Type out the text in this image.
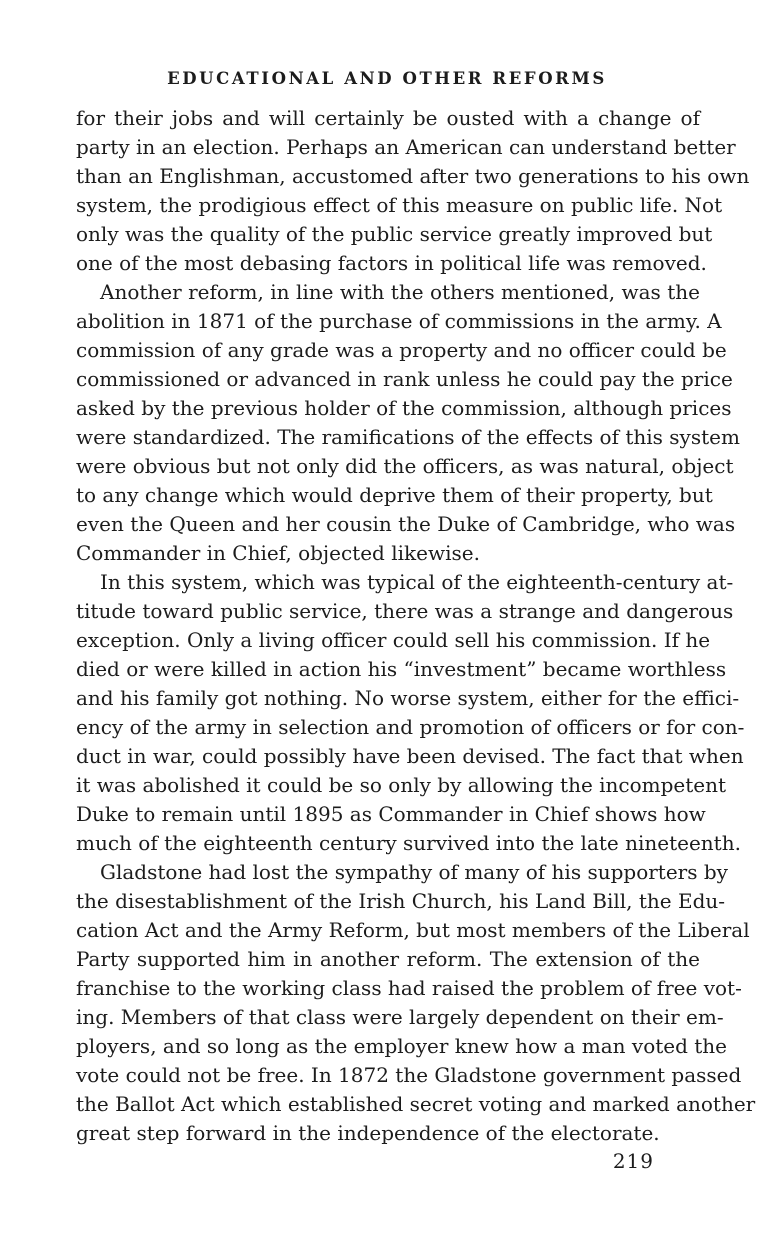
EDUCATIONAL AND OTHER REFORMS
for their jobs and will certainly be ousted with a change of
party in an election. Perhaps an American can understand better
than an Englishman, accustomed after two generations to his own
system, the prodigious effect of this measure on public life. Not
only was the quality of the public service greatly improved but
one of the most debasing factors in political life was removed.
Another reform, in line with the others mentioned, was the
abolition in 1871 of the purchase of commissions in the army. A
commission of any grade was a property and no officer could be
commissioned or advanced in rank unless he could pay the price
asked by the previous holder of the commission, although prices
were standardized. The ramifications of the effects of this system
were obvious but not only did the officers, as was natural, object
to any change which would deprive them of their property, but
even the Queen and her cousin the Duke of Cambridge, who was
Commander in Chief, objected likewise.
In this system, which was typical of the eighteenth-century at-
titude toward public service, there was a strange and dangerous
exception. Only a living officer could sell his commission. If he
died or were killed in action his “investment” became worthless
and his family got nothing. No worse system, either for the effici-
ency of the army in selection and promotion of officers or for con-
duct in war, could possibly have been devised. The fact that when
it was abolished it could be so only by allowing the incompetent
Duke to remain until 1895 as Commander in Chief shows how
much of the eighteenth century survived into the late nineteenth.
Gladstone had lost the sympathy of many of his supporters by
the disestablishment of the Irish Church, his Land Bill, the Edu-
cation Act and the Army Reform, but most members of the Liberal
Party supported him in another reform. The extension of the
franchise to the working class had raised the problem of free vot-
ing. Members of that class were largely dependent on their em-
ployers, and so long as the employer knew how a man voted the
vote could not be free. In 1872 the Gladstone government passed
the Ballot Act which established secret voting and marked another
great step forward in the independence of the electorate.
219
